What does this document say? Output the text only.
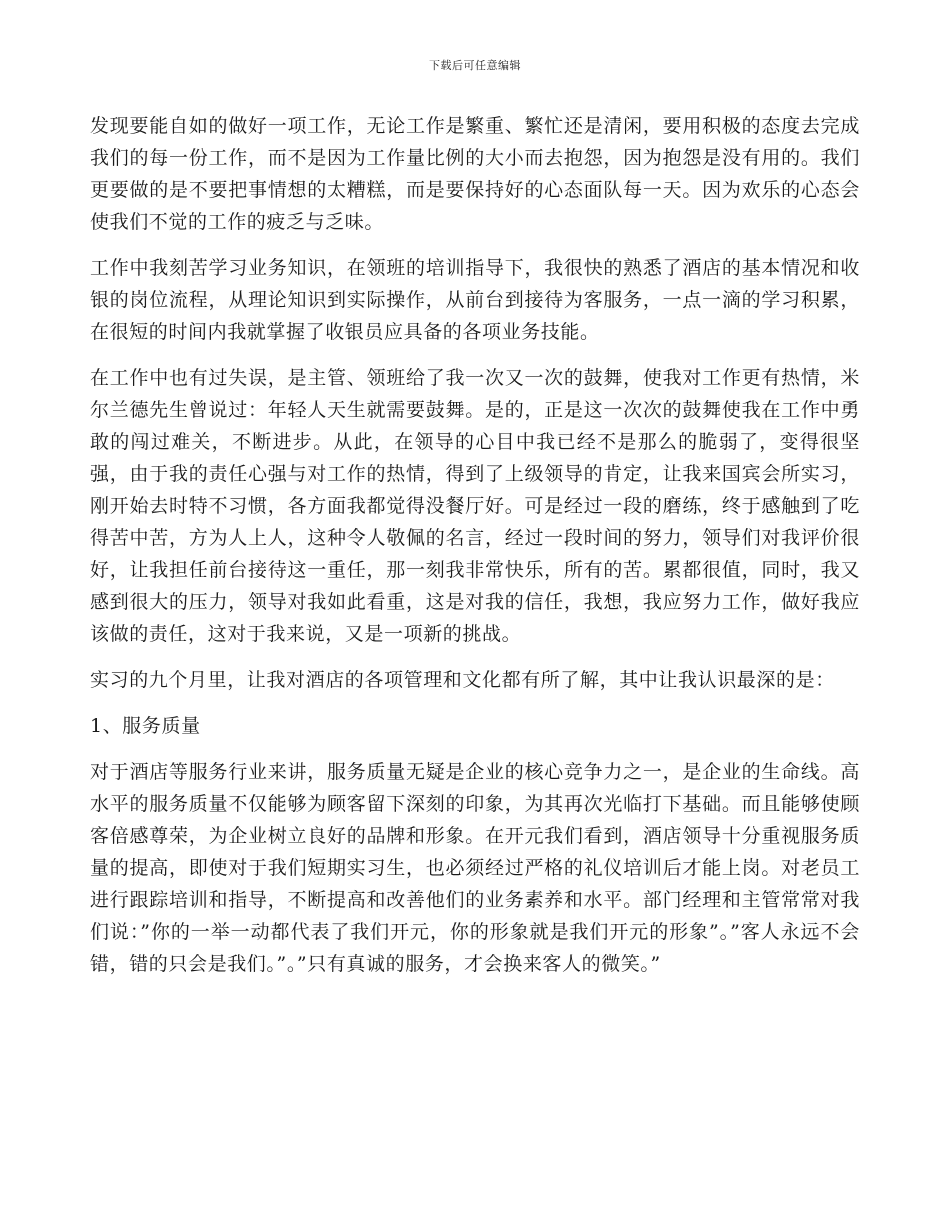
下载后可任意编辑

发现要能自如的做好一项工作，无论工作是繁重、繁忙还是清闲，要用积极的态度去完成我们的每一份工作，而不是因为工作量比例的大小而去抱怨，因为抱怨是没有用的。我们更要做的是不要把事情想的太糟糕，而是要保持好的心态面队每一天。因为欢乐的心态会使我们不觉的工作的疲乏与乏味。

工作中我刻苦学习业务知识，在领班的培训指导下，我很快的熟悉了酒店的基本情况和收银的岗位流程，从理论知识到实际操作，从前台到接待为客服务，一点一滴的学习积累，在很短的时间内我就掌握了收银员应具备的各项业务技能。

在工作中也有过失误，是主管、领班给了我一次又一次的鼓舞，使我对工作更有热情，米尔兰德先生曾说过：年轻人天生就需要鼓舞。是的，正是这一次次的鼓舞使我在工作中勇敢的闯过难关，不断进步。从此，在领导的心目中我已经不是那么的脆弱了，变得很坚强，由于我的责任心强与对工作的热情，得到了上级领导的肯定，让我来国宾会所实习，刚开始去时特不习惯，各方面我都觉得没餐厅好。可是经过一段的磨练，终于感触到了吃得苦中苦，方为人上人，这种令人敬佩的名言，经过一段时间的努力，领导们对我评价很好，让我担任前台接待这一重任，那一刻我非常快乐，所有的苦。累都很值，同时，我又感到很大的压力，领导对我如此看重，这是对我的信任，我想，我应努力工作，做好我应该做的责任，这对于我来说，又是一项新的挑战。

实习的九个月里，让我对酒店的各项管理和文化都有所了解，其中让我认识最深的是：

1、服务质量

对于酒店等服务行业来讲，服务质量无疑是企业的核心竞争力之一，是企业的生命线。高水平的服务质量不仅能够为顾客留下深刻的印象，为其再次光临打下基础。而且能够使顾客倍感尊荣，为企业树立良好的品牌和形象。在开元我们看到，酒店领导十分重视服务质量的提高，即使对于我们短期实习生，也必须经过严格的礼仪培训后才能上岗。对老员工进行跟踪培训和指导，不断提高和改善他们的业务素养和水平。部门经理和主管常常对我们说：”你的一举一动都代表了我们开元，你的形象就是我们开元的形象”。”客人永远不会错，错的只会是我们。”。”只有真诚的服务，才会换来客人的微笑。”
